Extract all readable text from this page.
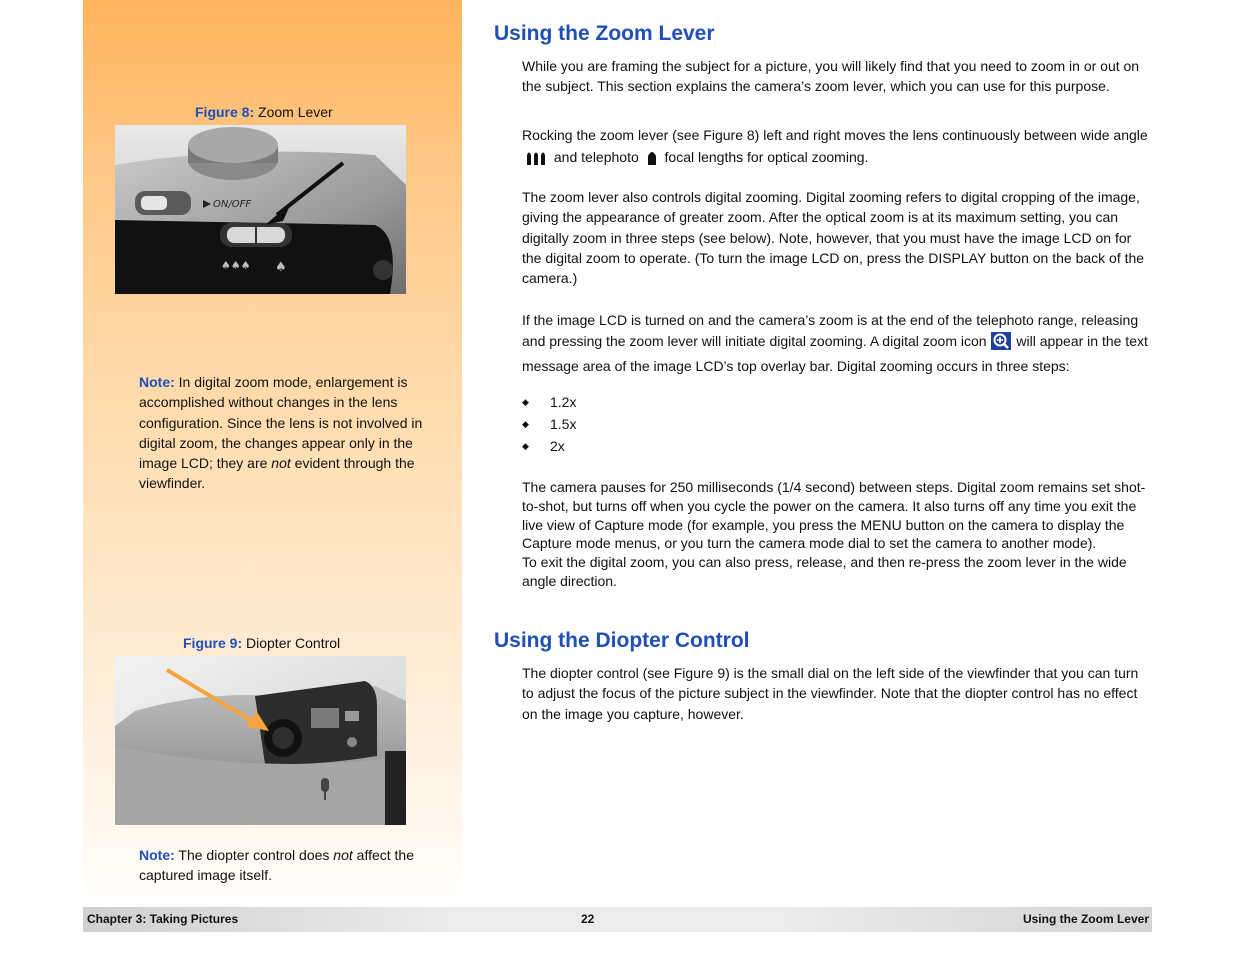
Figure 8: Zoom Lever
ON/OFF
♠♠♠ ♠
Note: In digital zoom mode, enlargement is accomplished without changes in the lens configuration. Since the lens is not involved in digital zoom, the changes appear only in the image LCD; they are not evident through the viewfinder.
Figure 9: Diopter Control
Note: The diopter control does not affect the captured image itself.
Using the Zoom Lever

While you are framing the subject for a picture, you will likely find that you need to zoom in or out on the subject. This section explains the camera’s zoom lever, which you can use for this purpose.

Rocking the zoom lever (see Figure 8) left and right moves the lens continuously between wide angle  and telephoto focal lengths for optical zooming.

The zoom lever also controls digital zooming. Digital zooming refers to digital cropping of the image, giving the appearance of greater zoom. After the optical zoom is at its maximum setting, you can digitally zoom in three steps (see below). Note, however, that you must have the image LCD on for the digital zoom to operate. (To turn the image LCD on, press the DISPLAY button on the back of the camera.)

If the image LCD is turned on and the camera’s zoom is at the end of the telephoto range, releasing and pressing the zoom lever will initiate digital zooming. A digital zoom icon will appear in the text message area of the image LCD’s top overlay bar. Digital zooming occurs in three steps:

◆ 1.2x
◆ 1.5x
◆ 2x

The camera pauses for 250 milliseconds (1/4 second) between steps. Digital zoom remains set shot-to-shot, but turns off when you cycle the power on the camera. It also turns off any time you exit the live view of Capture mode (for example, you press the MENU button on the camera to display the Capture mode menus, or you turn the camera mode dial to set the camera to another mode).

To exit the digital zoom, you can also press, release, and then re-press the zoom lever in the wide angle direction.

Using the Diopter Control

The diopter control (see Figure 9) is the small dial on the left side of the viewfinder that you can turn to adjust the focus of the picture subject in the viewfinder. Note that the diopter control has no effect on the image you capture, however.

Chapter 3: Taking Pictures	22	Using the Zoom Lever
